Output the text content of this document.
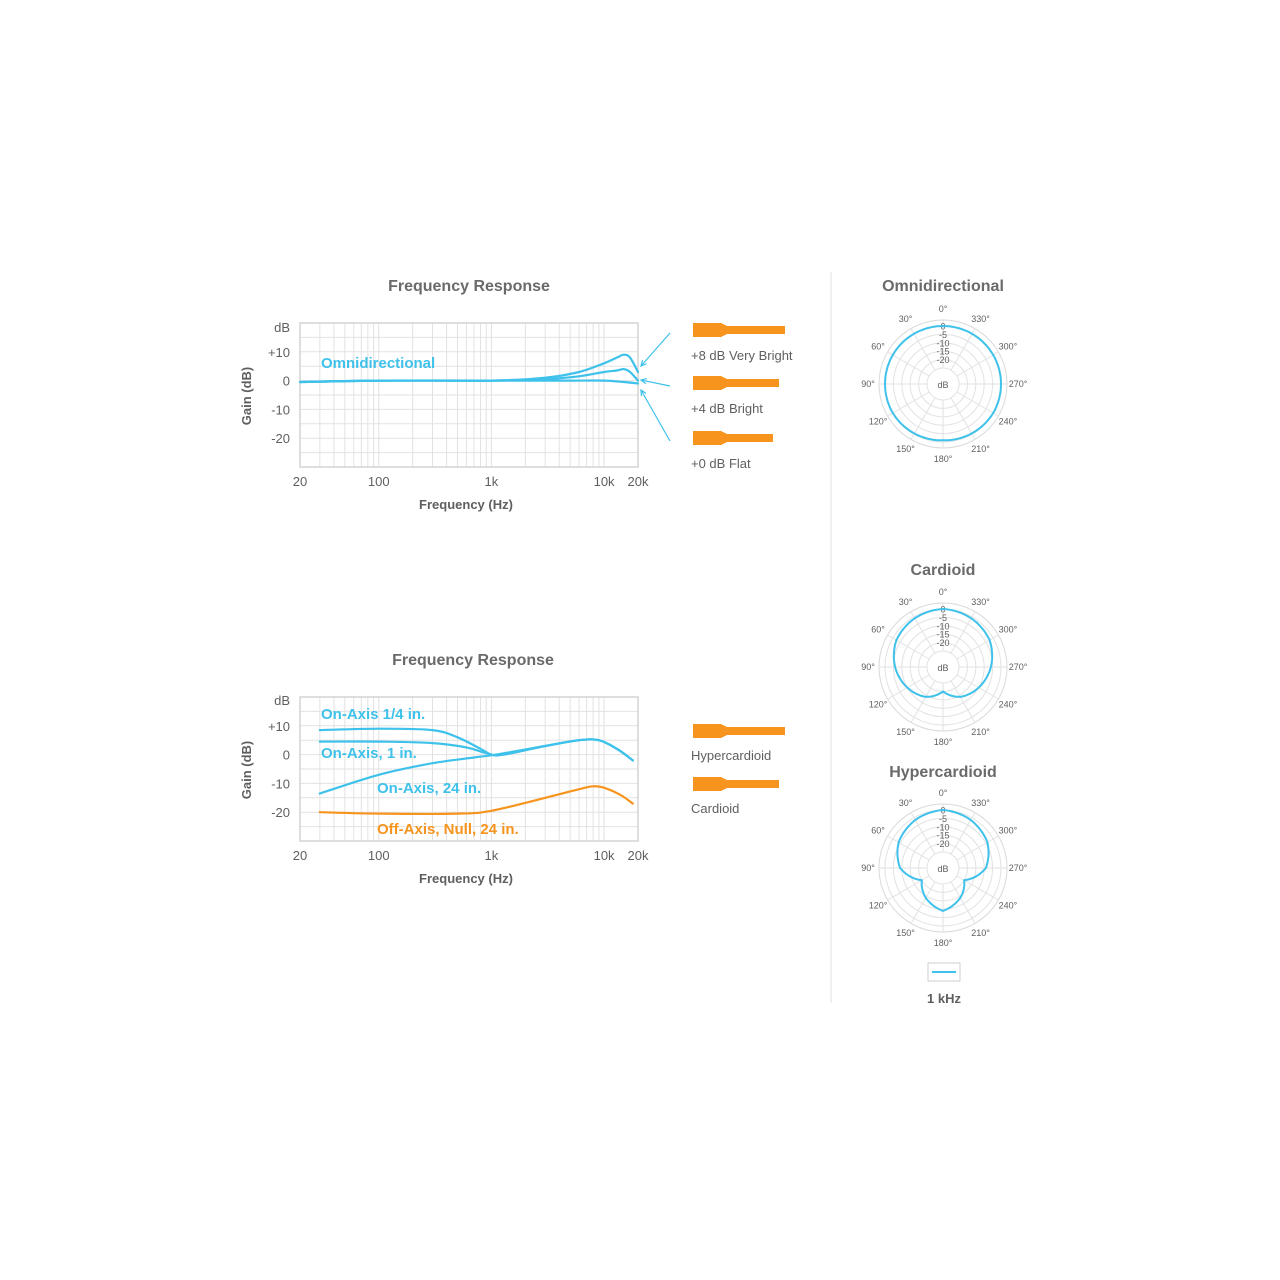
Frequency Response
Frequency (Hz)
Gain (dB)
dB
20	100	1k	10k 20k
+10
0
-10
-20
Frequency Response
Frequency (Hz)
Gain (dB)
dB
20	100	1k	10k 20k
+10
0
-10
-20
Omnidirectional
On-Axis 1/4 in.
On-Axis, 1 in.
On-Axis, 24 in.
Off-Axis, Null, 24 in.
+8 dB Very Bright
+4 dB Bright
+0 dB Flat
Hypercardioid
Cardioid
Omnidirectional
0
-5
-10
-15
-20
dB
0°
30°
60°
90°
120°
150°
180°
210°
240°
270°
300°
330°
Cardioid
0
-5
-10
-15
-20
dB
0°
30°
60°
90°
120°
150°
180°
210°
240°
270°
300°
330°
Hypercardioid
0
-5
-10
-15
-20
dB
0°
30°
60°
90°
120°
150°
180°
210°
240°
270°
300°
330°
1 kHz
